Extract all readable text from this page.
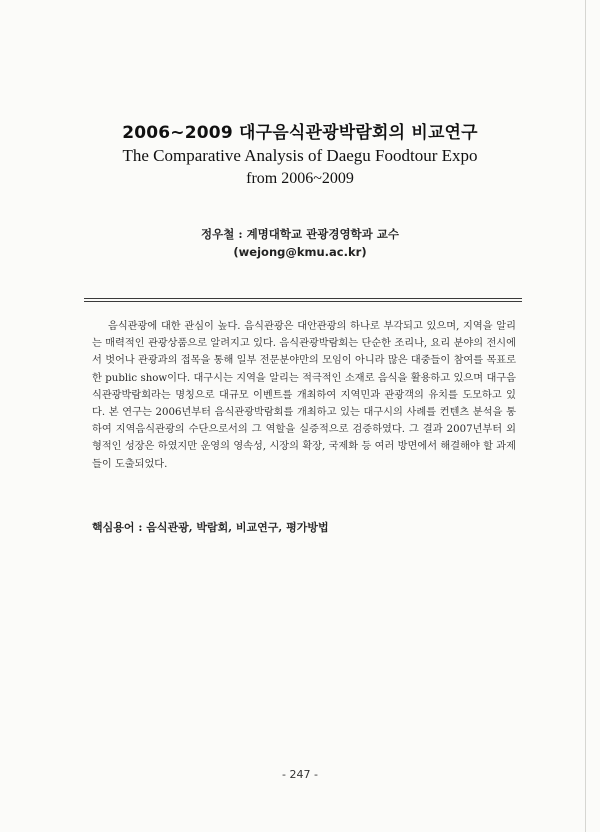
2006~2009 대구음식관광박람회의 비교연구
The Comparative Analysis of Daegu Foodtour Expo
from 2006~2009
정우철 : 계명대학교 관광경영학과 교수
(wejong@kmu.ac.kr)

음식관광에 대한 관심이 높다. 음식관광은 대안관광의 하나로 부각되고 있으며, 지역을 알리는 매력적인 관광상품으로 알려지고 있다. 음식관광박람회는 단순한 조리나, 요리 분야의 전시에서 벗어나 관광과의 접목을 통해 일부 전문분야만의 모임이 아니라 많은 대중들이 참여를 목표로 한 public show이다. 대구시는 지역을 알리는 적극적인 소재로 음식을 활용하고 있으며 대구음식관광박람회라는 명칭으로 대규모 이벤트를 개최하여 지역민과 관광객의 유치를 도모하고 있다. 본 연구는 2006년부터 음식관광박람회를 개최하고 있는 대구시의 사례를 컨텐츠 분석을 통하여 지역음식관광의 수단으로서의 그 역할을 실증적으로 검증하였다. 그 결과 2007년부터 외형적인 성장은 하였지만 운영의 영속성, 시장의 확장, 국제화 등 여러 방면에서 해결해야 할 과제들이 도출되었다.

핵심용어 : 음식관광, 박람회, 비교연구, 평가방법
- 247 -
